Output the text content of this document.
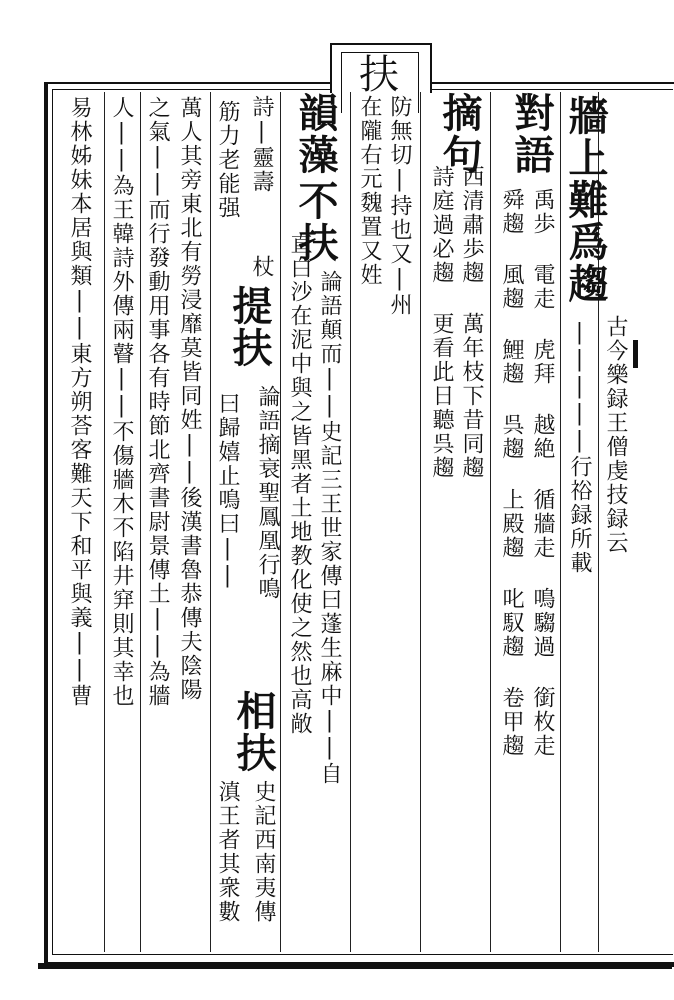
扶
牆上難爲趨
古今樂録王僧虔技録云
|||||行𥙿録所載
對語
禹歩 電走 虎拜 越絶 循牆走 鳴騶過 銜枚走
舜趨 風趨 鯉趨 呉趨 上殿趨 叱馭趨 卷甲趨
摘句
西清肅歩趨 萬年枝下昔同趨
詩庭過必趨 更看此日聽呉趨
防無切|持也又|州
在隴右元魏置又姓
韻藻
不扶
論語顛而||史記三王世家傳曰蓬生麻中||自
直白沙在泥中與之皆黑者土地教化使之然也高敞
詩|靈壽
杖
提扶
論語摘衰聖鳳凰行鳴
相扶
史記西南夷傳
筋力老能强
曰歸嬉止鳴曰||
滇王者其衆數
萬人其旁東北有勞浸靡莫皆同姓||後漢書魯恭傳夫陰陽
之氣||而行發動用事各有時節北齊書尉景傳土||為牆
人||為王韓詩外傳兩瞽||不傷牆木不陷井穽則其幸也
易林姊妹本居與類||東方朔荅客難天下和平與義||曹
